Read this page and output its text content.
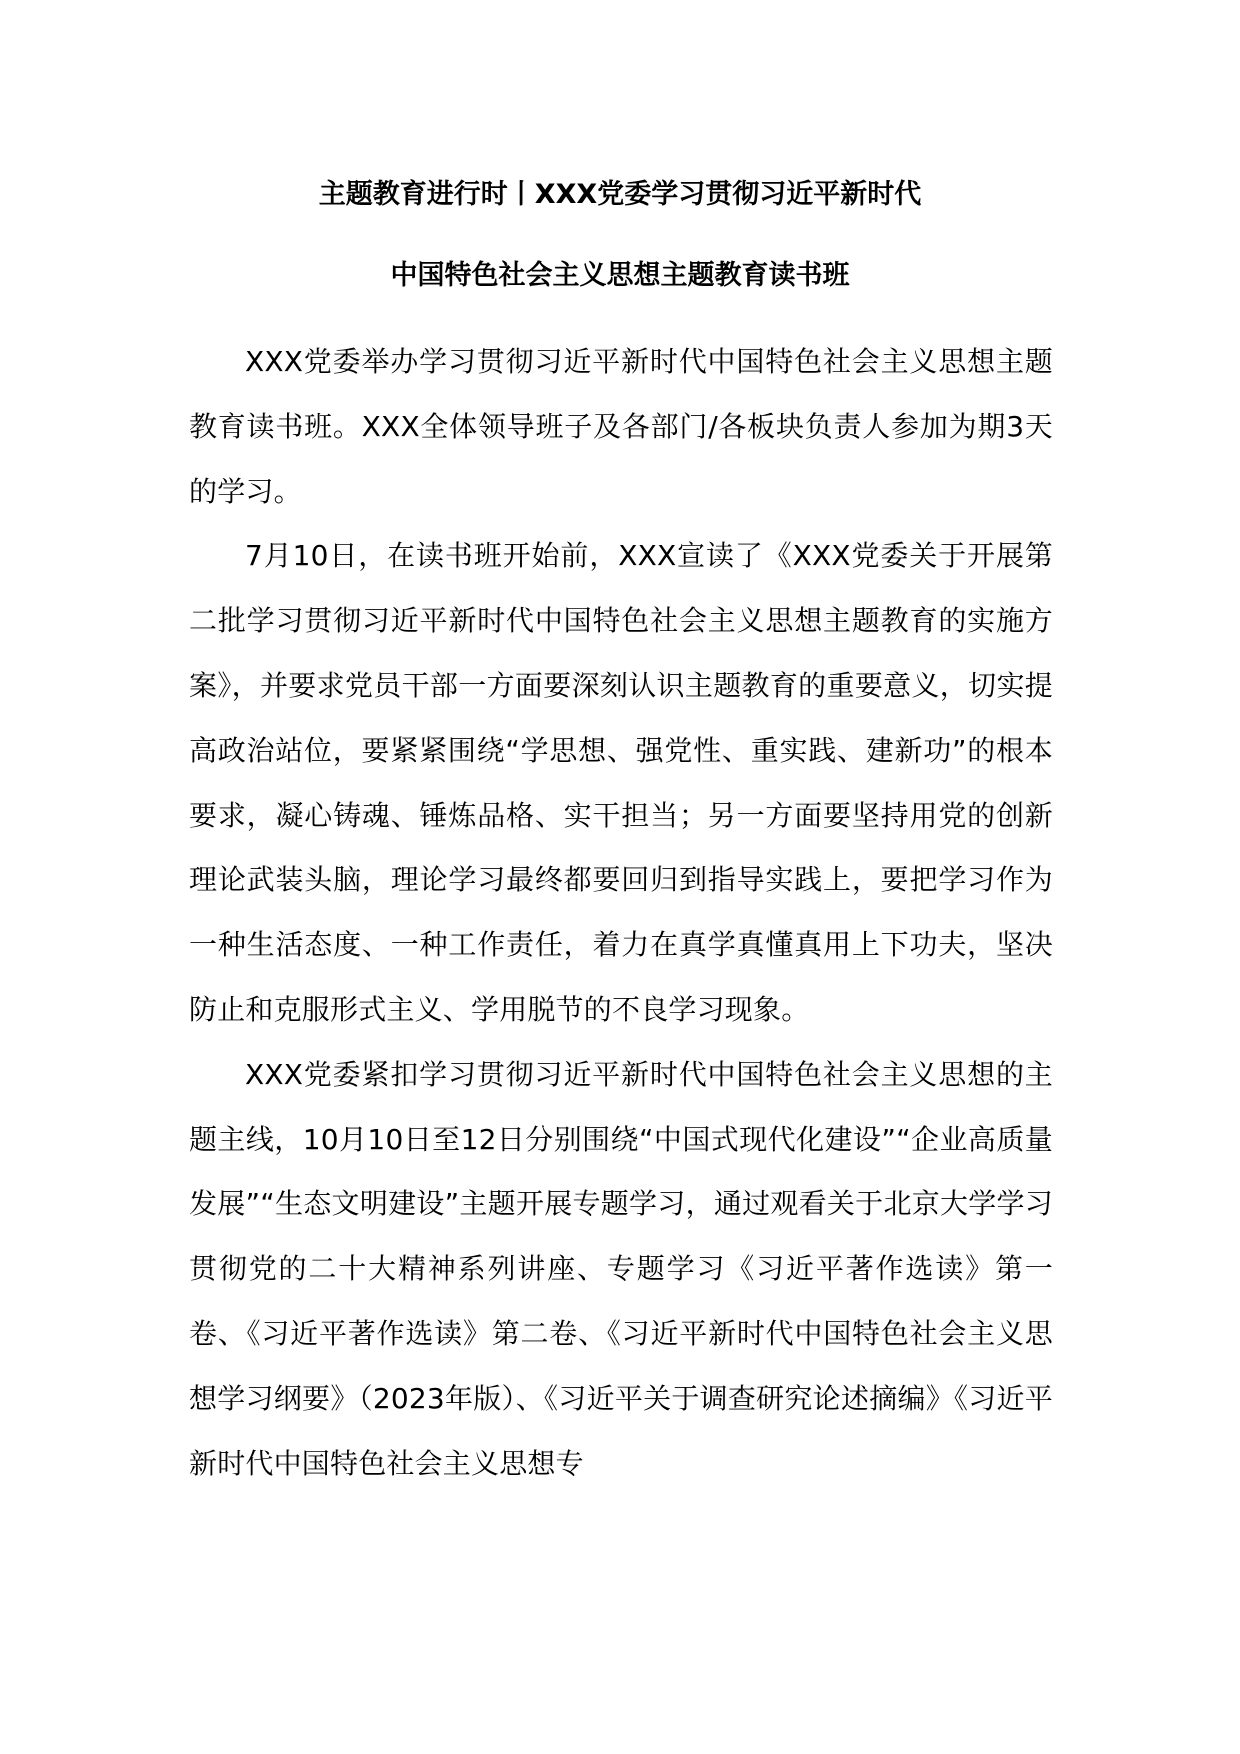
主题教育进行时丨XXX党委学习贯彻习近平新时代
中国特色社会主义思想主题教育读书班

XXX党委举办学习贯彻习近平新时代中国特色社会主义思想主题教育读书班。XXX全体领导班子及各部门/各板块负责人参加为期3天的学习。

7月10日，在读书班开始前，XXX宣读了《XXX党委关于开展第二批学习贯彻习近平新时代中国特色社会主义思想主题教育的实施方案》，并要求党员干部一方面要深刻认识主题教育的重要意义，切实提高政治站位，要紧紧围绕“学思想、强党性、重实践、建新功”的根本要求，凝心铸魂、锤炼品格、实干担当；另一方面要坚持用党的创新理论武装头脑，理论学习最终都要回归到指导实践上，要把学习作为一种生活态度、一种工作责任，着力在真学真懂真用上下功夫，坚决防止和克服形式主义、学用脱节的不良学习现象。

XXX党委紧扣学习贯彻习近平新时代中国特色社会主义思想的主题主线，10月10日至12日分别围绕“中国式现代化建设”“企业高质量发展”“生态文明建设”主题开展专题学习，通过观看关于北京大学学习贯彻党的二十大精神系列讲座、专题学习《习近平著作选读》第一卷、《习近平著作选读》第二卷、《习近平新时代中国特色社会主义思想学习纲要》（2023年版）、《习近平关于调查研究论述摘编》《习近平新时代中国特色社会主义思想专
